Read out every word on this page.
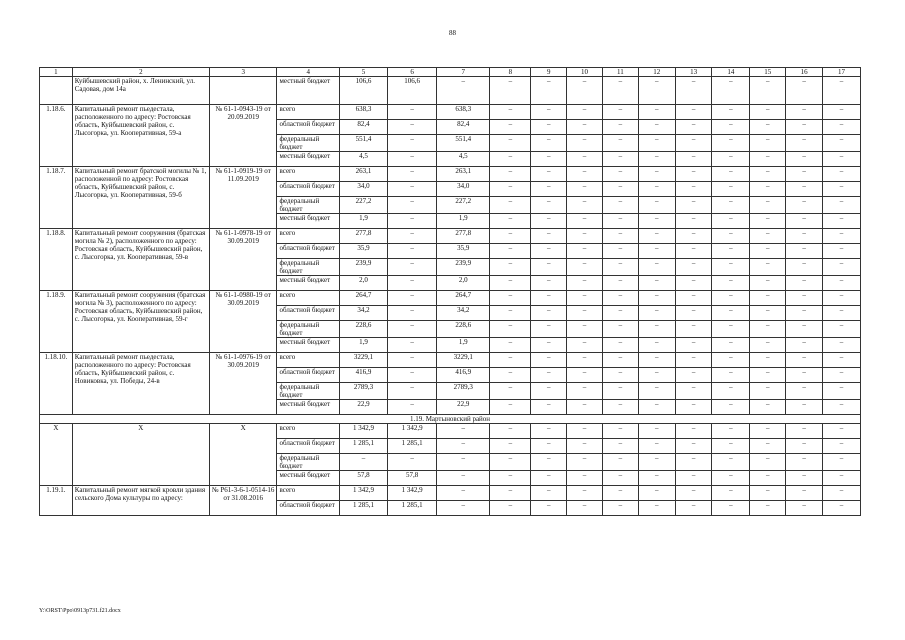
88
1	2	3	4	5	6	7	8	9	10	11	12	13	14	15	16	17
	Куйбышевский район, х. Ленинский, ул. Садовая, дом 14а		местный бюджет	106,6	106,6	–	–	–	–	–	–	–	–	–	–	–
1.18.6.	Капитальный ремонт пьедестала, расположенного по адресу: Ростовская область, Куйбышевский район, с. Лысогорка, ул. Кооперативная, 59-а	№ 61-1-0943-19 от 20.09.2019	всего	638,3	–	638,3	–	–	–	–	–	–	–	–	–	–
			областной бюджет	82,4	–	82,4	–	–	–	–	–	–	–	–	–	–
			федеральный бюджет	551,4	–	551,4	–	–	–	–	–	–	–	–	–	–
			местный бюджет	4,5	–	4,5	–	–	–	–	–	–	–	–	–	–
1.18.7.	Капитальный ремонт братской могилы № 1, расположенной по адресу: Ростовская область, Куйбышевский район, с. Лысогорка, ул. Кооперативная, 59-б	№ 61-1-0919-19 от 11.09.2019	всего	263,1	–	263,1	–	–	–	–	–	–	–	–	–	–
			областной бюджет	34,0	–	34,0	–	–	–	–	–	–	–	–	–	–
			федеральный бюджет	227,2	–	227,2	–	–	–	–	–	–	–	–	–	–
			местный бюджет	1,9	–	1,9	–	–	–	–	–	–	–	–	–	–
1.18.8.	Капитальный ремонт сооружения (братская могила № 2), расположенного по адресу: Ростовская область, Куйбышевский район, с. Лысогорка, ул. Кооперативная, 59-в	№ 61-1-0978-19 от 30.09.2019	всего	277,8	–	277,8	–	–	–	–	–	–	–	–	–	–
			областной бюджет	35,9	–	35,9	–	–	–	–	–	–	–	–	–	–
			федеральный бюджет	239,9	–	239,9	–	–	–	–	–	–	–	–	–	–
			местный бюджет	2,0	–	2,0	–	–	–	–	–	–	–	–	–	–
1.18.9.	Капитальный ремонт сооружения (братская могила № 3), расположенного по адресу: Ростовская область, Куйбышевский район, с. Лысогорка, ул. Кооперативная, 59-г	№ 61-1-0980-19 от 30.09.2019	всего	264,7	–	264,7	–	–	–	–	–	–	–	–	–	–
			областной бюджет	34,2	–	34,2	–	–	–	–	–	–	–	–	–	–
			федеральный бюджет	228,6	–	228,6	–	–	–	–	–	–	–	–	–	–
			местный бюджет	1,9	–	1,9	–	–	–	–	–	–	–	–	–	–
1.18.10.	Капитальный ремонт пьедестала, расположенного по адресу: Ростовская область, Куйбышевский район, с. Новиковка, ул. Победы, 24-в	№ 61-1-0976-19 от 30.09.2019	всего	3229,1	–	3229,1	–	–	–	–	–	–	–	–	–	–
			областной бюджет	416,9	–	416,9	–	–	–	–	–	–	–	–	–	–
			федеральный бюджет	2789,3	–	2789,3	–	–	–	–	–	–	–	–	–	–
			местный бюджет	22,9	–	22,9	–	–	–	–	–	–	–	–	–	–
1.19. Мартыновский район																
X	X	X	всего	1 342,9	1 342,9	–	–	–	–	–	–	–	–	–	–	–
			областной бюджет	1 285,1	1 285,1	–	–	–	–	–	–	–	–	–	–	–
			федеральный бюджет	–	–	–	–	–	–	–	–	–	–	–	–	–
			местный бюджет	57,8	57,8	–	–	–	–	–	–	–	–	–	–	–
1.19.1.	Капитальный ремонт мягкой кровли здания сельского Дома культуры по адресу:	№ Р61-3-6-1-0514-16 от 31.08.2016	всего	1 342,9	1 342,9	–	–	–	–	–	–	–	–	–	–	–
			областной бюджет	1 285,1	1 285,1	–	–	–	–	–	–	–	–	–	–	–
Y:\ORST\Ppo\0913p731.f21.docx
